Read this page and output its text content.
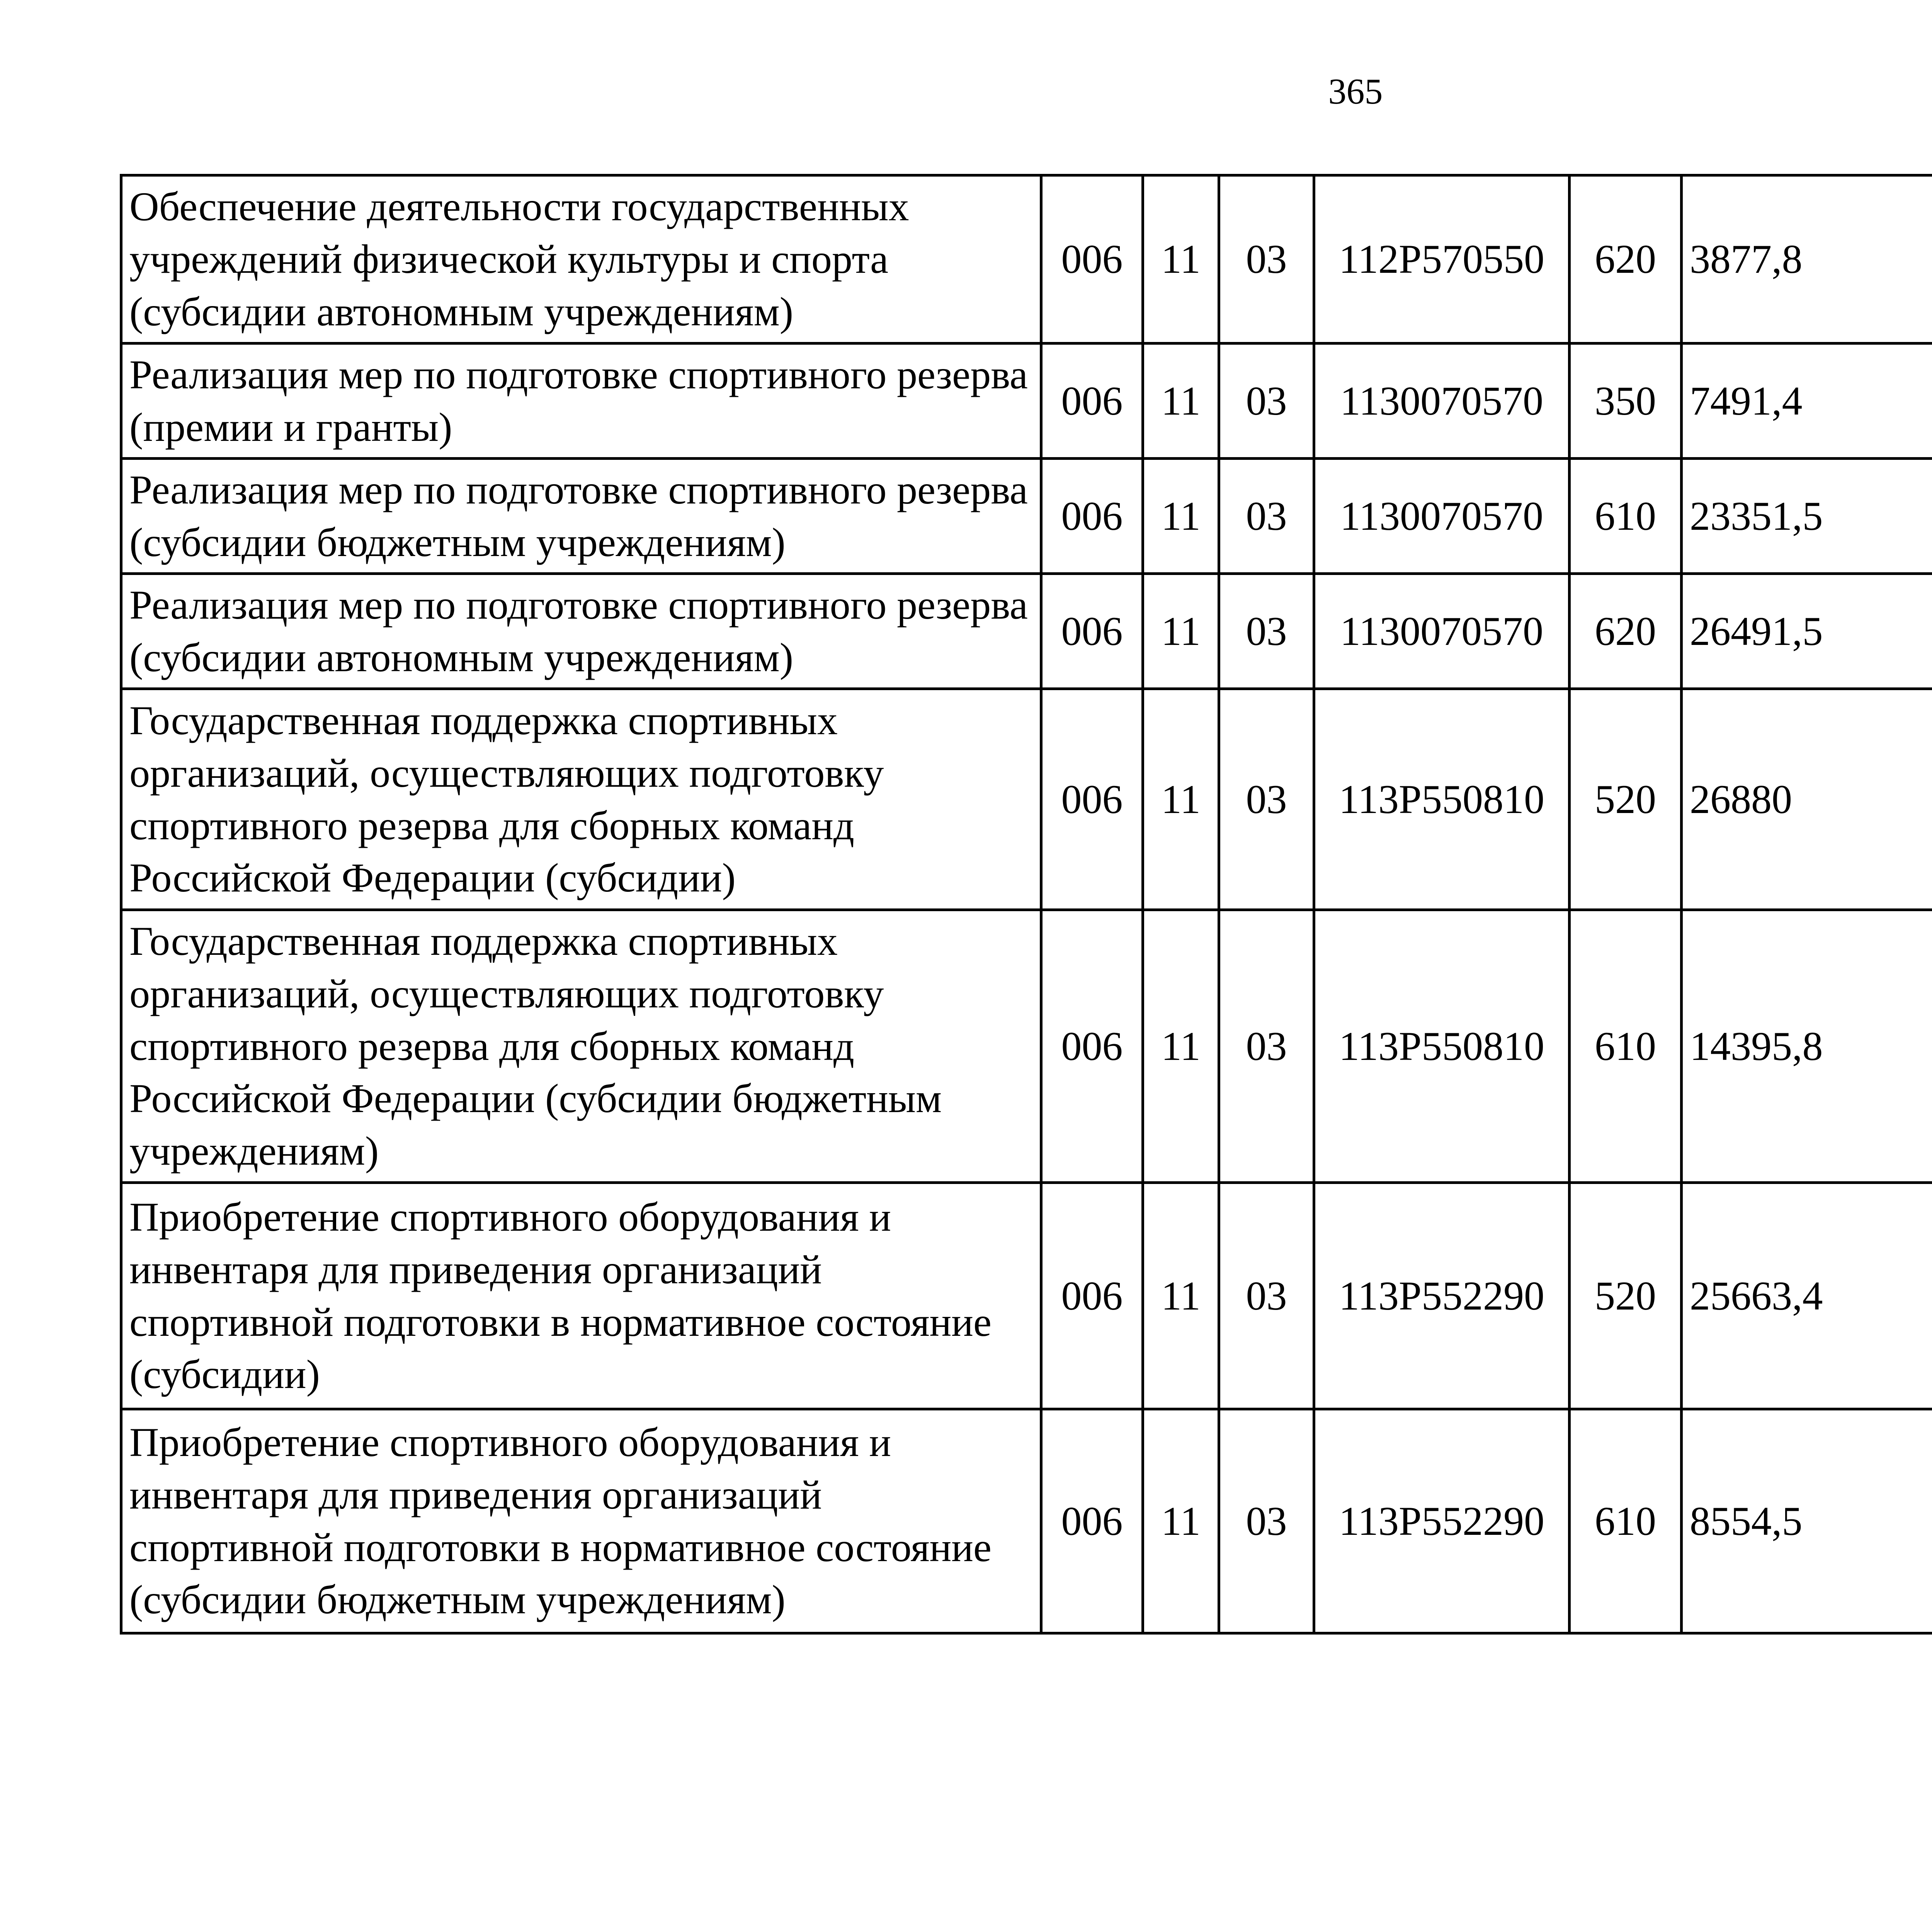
365
Обеспечение деятельности государственных учреждений физической культуры и спорта (субсидии автономным учреждениям)	006	11	03	112P570550	620	3877,8		
Реализация мер по подготовке спортивного резерва (премии и гранты)	006	11	03	1130070570	350	7491,4		
Реализация мер по подготовке спортивного резерва (субсидии бюджетным учреждениям)	006	11	03	1130070570	610	23351,5		
Реализация мер по подготовке спортивного резерва (субсидии автономным учреждениям)	006	11	03	1130070570	620	26491,5		
Государственная поддержка спортивных организаций, осуществляющих подготовку спортивного резерва для сборных команд Российской Федерации (субсидии)	006	11	03	113P550810	520	26880		
Государственная поддержка спортивных организаций, осуществляющих подготовку спортивного резерва для сборных команд Российской Федерации (субсидии бюджетным учреждениям)	006	11	03	113P550810	610	14395,8		
Приобретение спортивного оборудования и инвентаря для приведения организаций спортивной подготовки в нормативное состояние (субсидии)	006	11	03	113P552290	520	25663,4		
Приобретение спортивного оборудования и инвентаря для приведения организаций спортивной подготовки в нормативное состояние (субсидии бюджетным учреждениям)	006	11	03	113P552290	610	8554,5		
